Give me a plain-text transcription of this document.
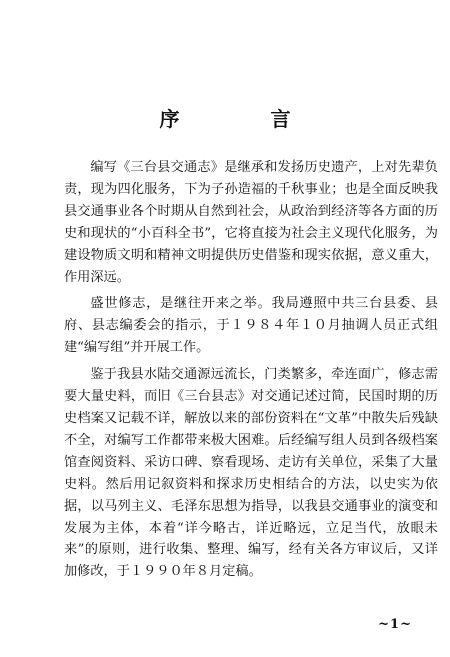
序 言

编写《三台县交通志》是继承和发扬历史遗产，上对先辈负责，现为四化服务，下为子孙造福的千秋事业；也是全面反映我县交通事业各个时期从自然到社会，从政治到经济等各方面的历史和现状的“小百科全书”，它将直接为社会主义现代化服务，为建设物质文明和精神文明提供历史借鉴和现实依据，意义重大，作用深远。

盛世修志，是继往开来之举。我局遵照中共三台县委、县府、县志编委会的指示，于１９８４年１０月抽调人员正式组建“编写组”并开展工作。

鉴于我县水陆交通源远流长，门类繁多，牵连面广，修志需要大量史料，而旧《三台县志》对交通记述过简，民国时期的历史档案又记载不详，解放以来的部份资料在“文革”中散失后残缺不全，对编写工作都带来极大困难。后经编写组人员到各级档案馆查阅资料、采访口碑、察看现场、走访有关单位，采集了大量史料。然后用记叙资料和探求历史相结合的方法，以史实为依据，以马列主义、毛泽东思想为指导，以我县交通事业的演变和发展为主体，本着“详今略古，详近略远，立足当代，放眼未来”的原则，进行收集、整理、编写，经有关各方审议后，又详加修改，于１９９０年８月定稿。

~1~
